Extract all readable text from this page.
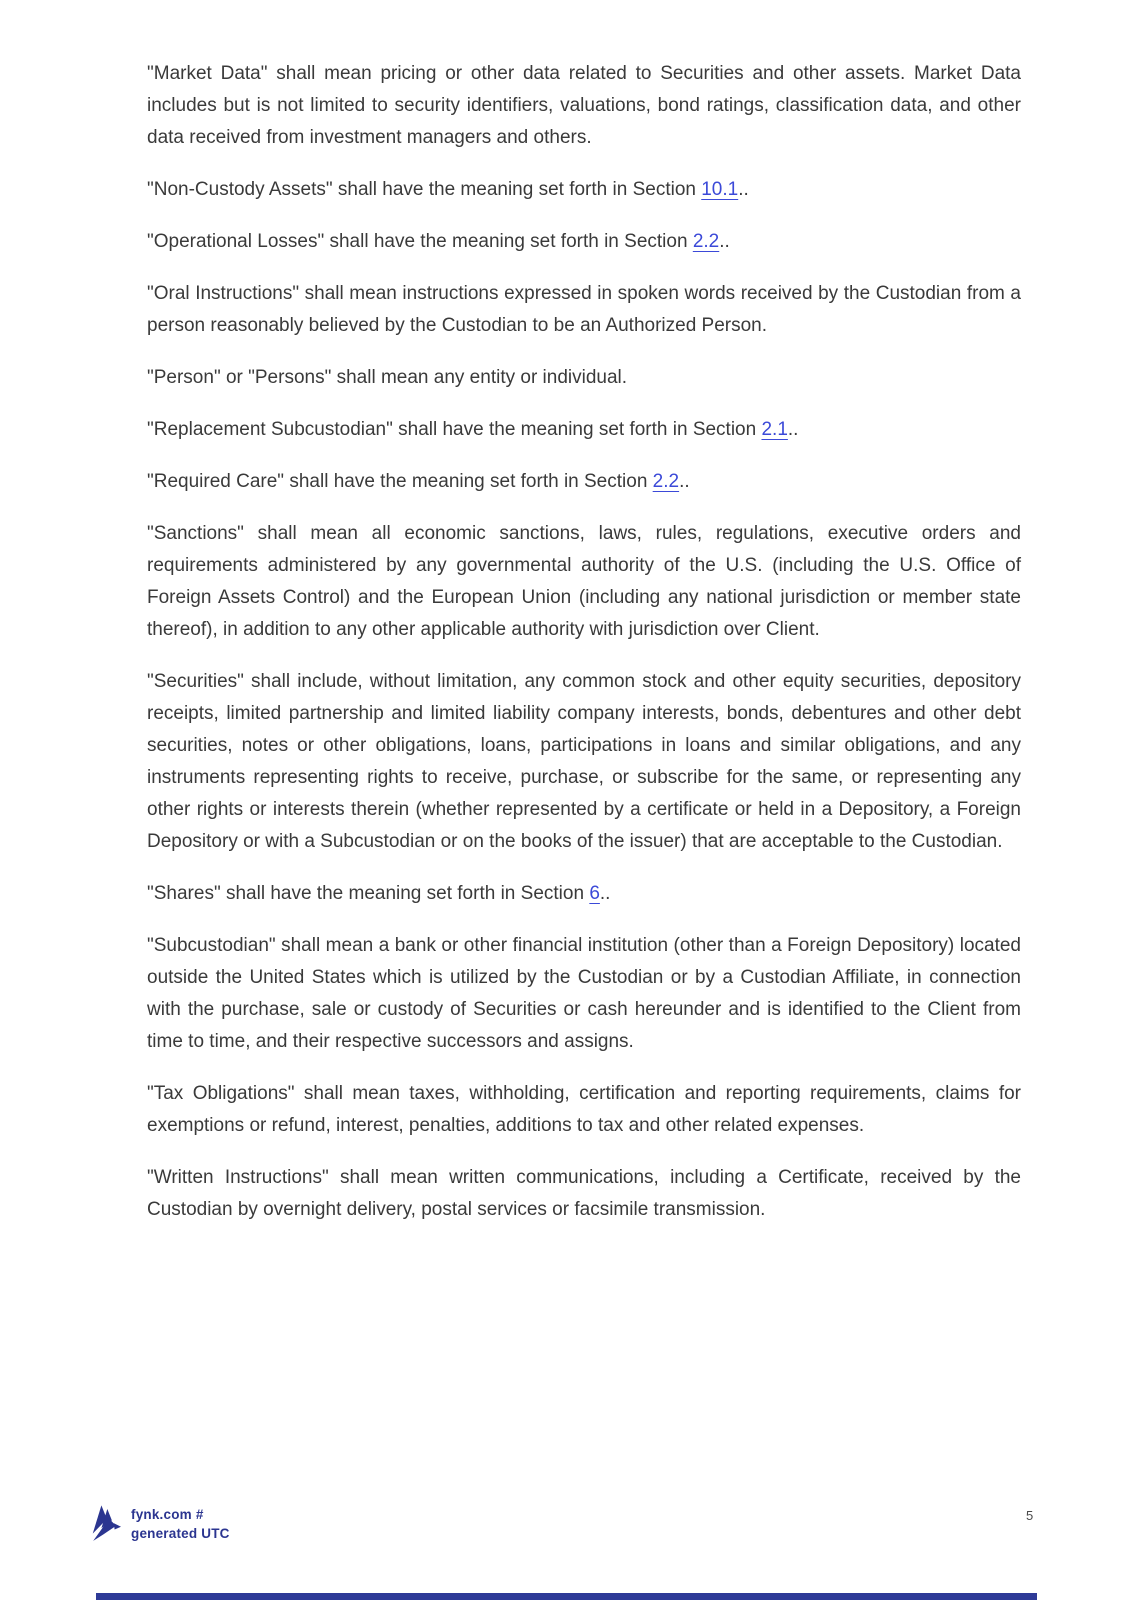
"Market Data" shall mean pricing or other data related to Securities and other assets. Market Data includes but is not limited to security identifiers, valuations, bond ratings, classification data, and other data received from investment managers and others.

"Non-Custody Assets" shall have the meaning set forth in Section 10.1..

"Operational Losses" shall have the meaning set forth in Section 2.2..

"Oral Instructions" shall mean instructions expressed in spoken words received by the Custodian from a person reasonably believed by the Custodian to be an Authorized Person.

"Person" or "Persons" shall mean any entity or individual.

"Replacement Subcustodian" shall have the meaning set forth in Section 2.1..

"Required Care" shall have the meaning set forth in Section 2.2..

"Sanctions" shall mean all economic sanctions, laws, rules, regulations, executive orders and requirements administered by any governmental authority of the U.S. (including the U.S. Office of Foreign Assets Control) and the European Union (including any national jurisdiction or member state thereof), in addition to any other applicable authority with jurisdiction over Client.

"Securities" shall include, without limitation, any common stock and other equity securities, depository receipts, limited partnership and limited liability company interests, bonds, debentures and other debt securities, notes or other obligations, loans, participations in loans and similar obligations, and any instruments representing rights to receive, purchase, or subscribe for the same, or representing any other rights or interests therein (whether represented by a certificate or held in a Depository, a Foreign Depository or with a Subcustodian or on the books of the issuer) that are acceptable to the Custodian.

"Shares" shall have the meaning set forth in Section 6..

"Subcustodian" shall mean a bank or other financial institution (other than a Foreign Depository) located outside the United States which is utilized by the Custodian or by a Custodian Affiliate, in connection with the purchase, sale or custody of Securities or cash hereunder and is identified to the Client from time to time, and their respective successors and assigns.

"Tax Obligations" shall mean taxes, withholding, certification and reporting requirements, claims for exemptions or refund, interest, penalties, additions to tax and other related expenses.

"Written Instructions" shall mean written communications, including a Certificate, received by the Custodian by overnight delivery, postal services or facsimile transmission.

fynk.com #
generated UTC
5
